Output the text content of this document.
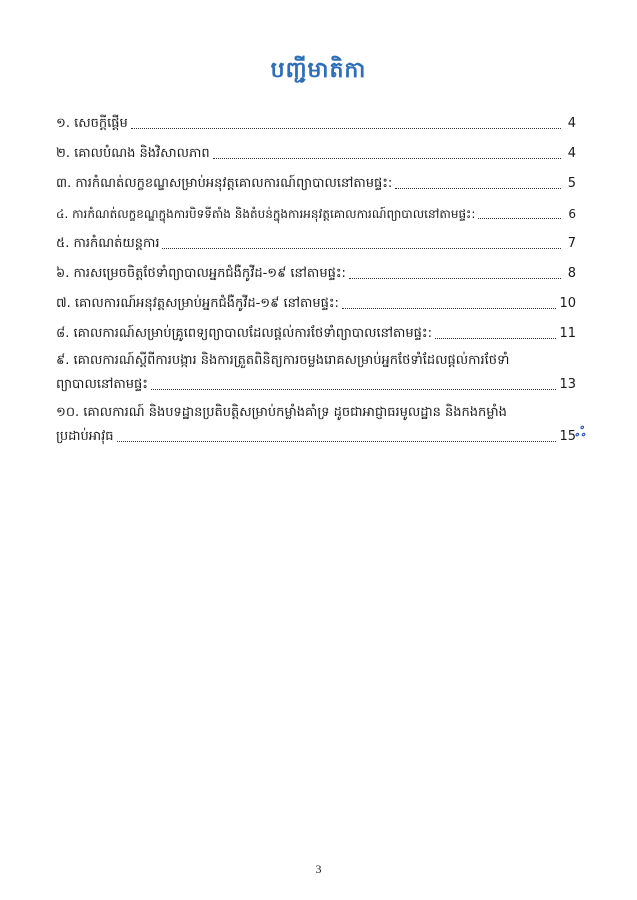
បញ្ជីមាតិកា
១. សេចក្តីផ្តើម	4
២. គោលបំណង និងវិសាលភាព	4
៣. ការកំណត់លក្ខខណ្ឌសម្រាប់អនុវត្តគោលការណ៍ព្យាបាលនៅតាមផ្ទះ:	5
៤. ការកំណត់លក្ខខណ្ឌក្នុងការបិទទីតាំង និងតំបន់ក្នុងការអនុវត្តគោលការណ៍ព្យាបាលនៅតាមផ្ទះ:	6
៥. ការកំណត់យន្តការ	7
៦. ការសម្រេចចិត្តថែទាំព្យាបាលអ្នកជំងឺកូវីដ-១៩ នៅតាមផ្ទះ:	8
៧. គោលការណ៍អនុវត្តសម្រាប់អ្នកជំងឺកូវីដ-១៩ នៅតាមផ្ទះ:	10
៨. គោលការណ៍សម្រាប់គ្រូពេទ្យព្យាបាលដែលផ្តល់ការថែទាំព្យាបាលនៅតាមផ្ទះ:	11
៩. គោលការណ៍ស្តីពីការបង្ការ និងការត្រួតពិនិត្យការចម្លងរោគសម្រាប់អ្នកថែទាំដែលផ្តល់ការថែទាំ
ព្យាបាលនៅតាមផ្ទះ	13
១០. គោលការណ៍ និងបទដ្ឋានប្រតិបត្តិសម្រាប់កម្លាំងគាំទ្រ ដូចជាអាជ្ញាធរមូលដ្ឋាន និងកងកម្លាំង
ប្រដាប់អាវុធ	15 ஃ
3
